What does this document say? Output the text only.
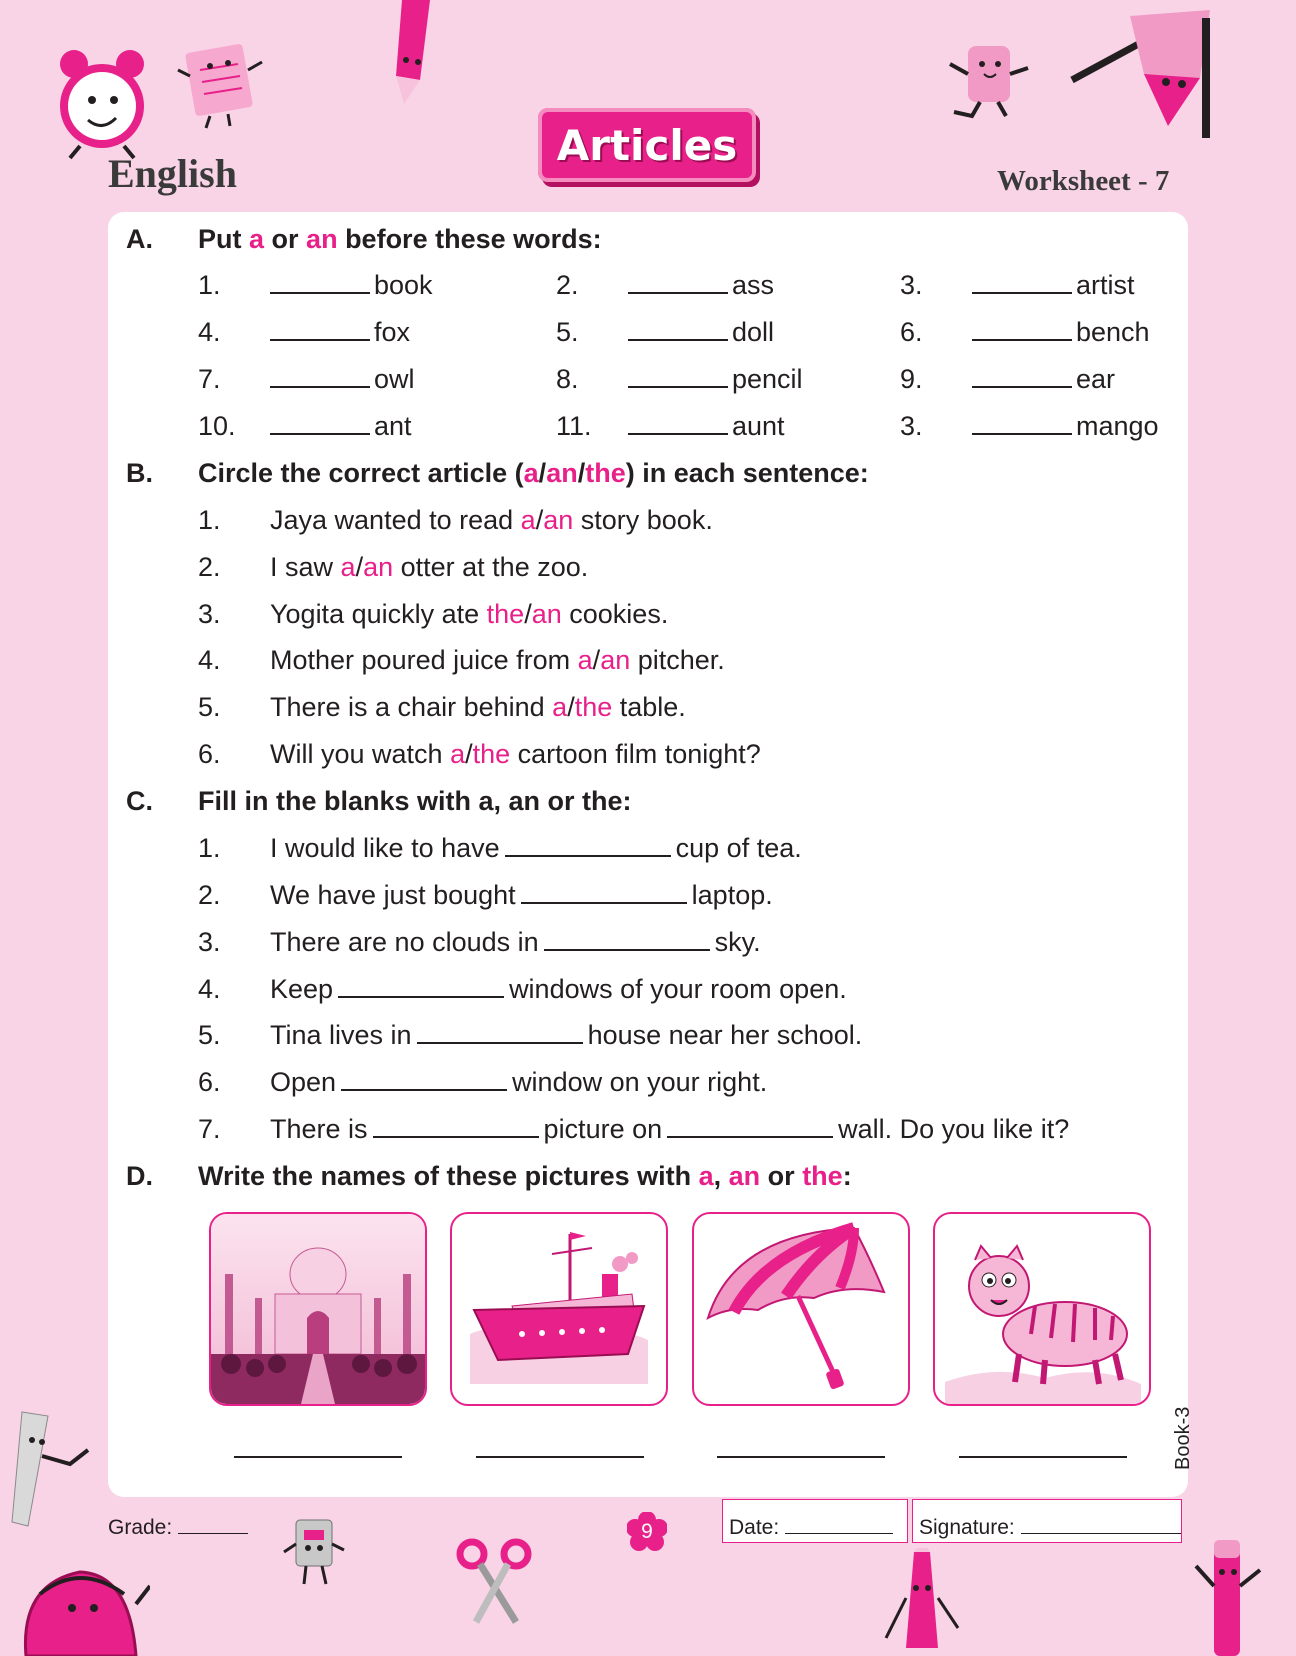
Articles
English	Worksheet - 7
A. Put a or an before these words:
1.	book	2.	ass	3.	artist
4.	fox	5.	doll	6.	bench
7.	owl	8.	pencil	9.	ear
10.	ant	11.	aunt	3.	mango
B. Circle the correct article (a/an/the) in each sentence:
1. Jaya wanted to read a/an story book.
2. I saw a/an otter at the zoo.
3. Yogita quickly ate the/an cookies.
4. Mother poured juice from a/an pitcher.
5. There is a chair behind a/the table.
6. Will you watch a/the cartoon film tonight?
C. Fill in the blanks with a, an or the:
1. I would like to have	cup of tea.
2. We have just bought	laptop.
3. There are no clouds in	sky.
4. Keep	windows of your room open.
5. Tina lives in	house near her school.
6. Open	window on your right.
7. There is	picture on	wall. Do you like it?
D. Write the names of these pictures with a, an or the:
Book-3
Grade:	9	Date:	Signature:
